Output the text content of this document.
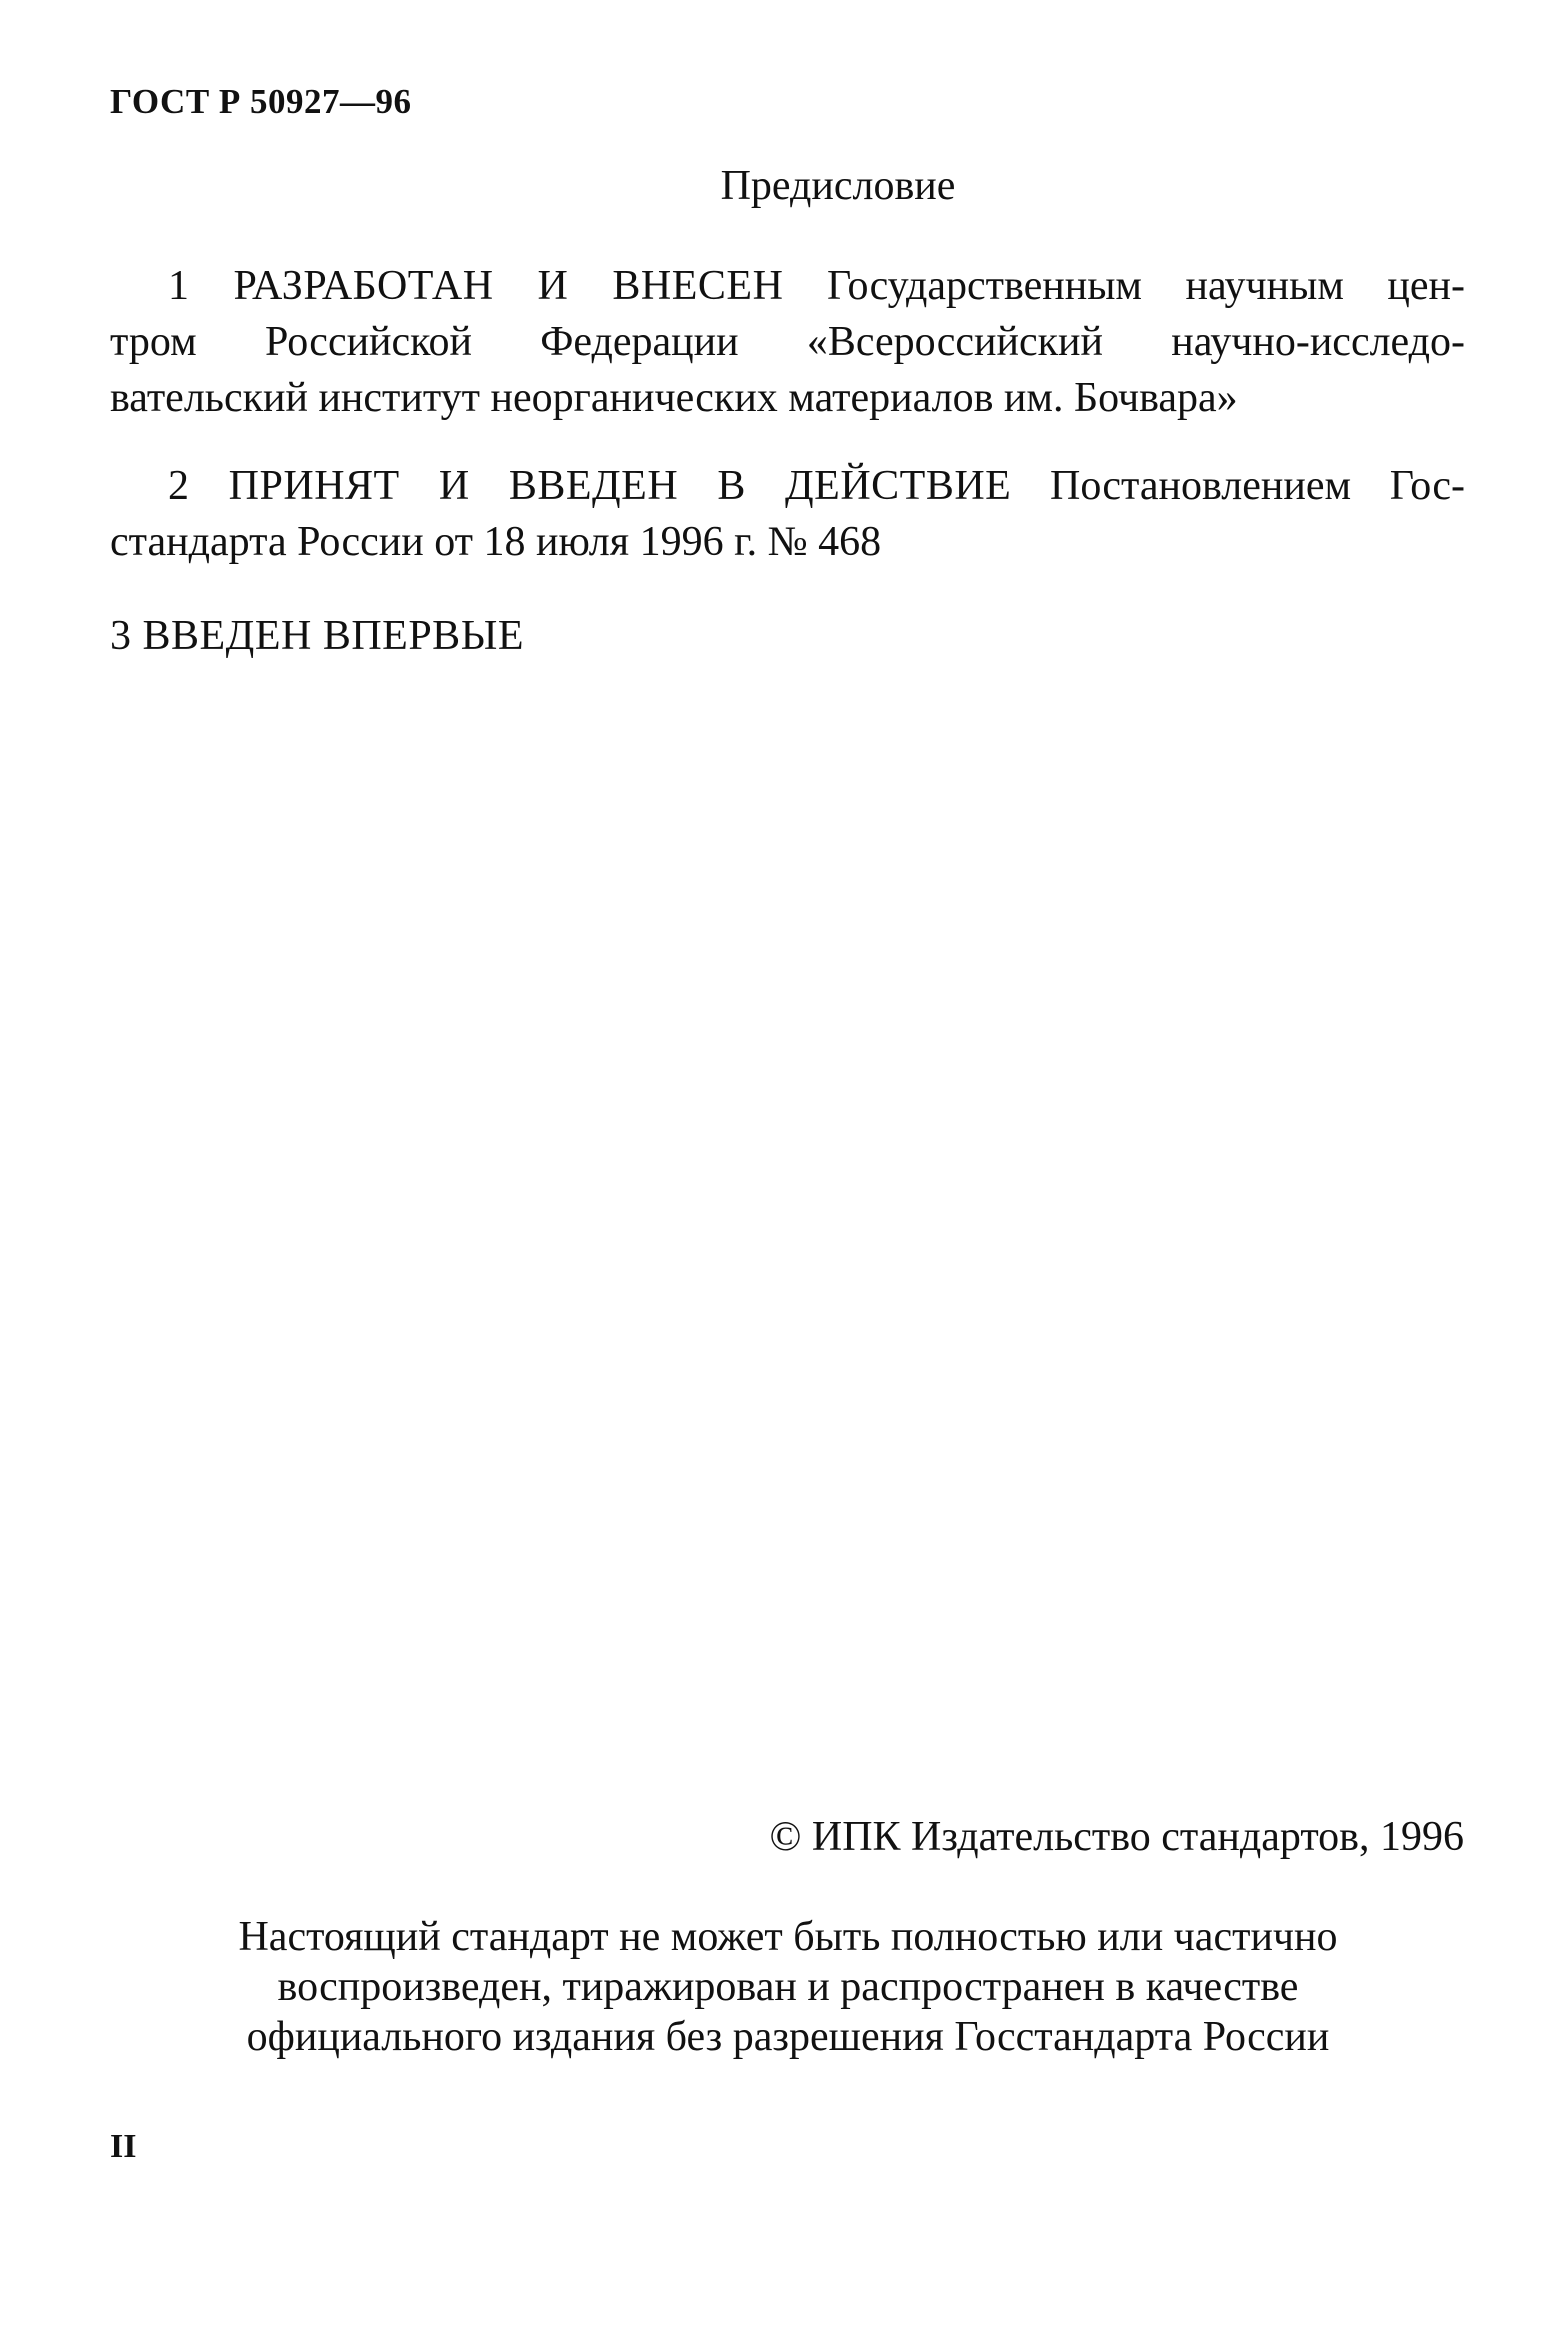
ГОСТ Р 50927—96
Предисловие
1 РАЗРАБОТАН И ВНЕСЕН Государственным научным цен-
тром Российской Федерации «Всероссийский научно-исследо-
вательский институт неорганических материалов им. Бочвара»
2 ПРИНЯТ И ВВЕДЕН В ДЕЙСТВИЕ Постановлением Гос-
стандарта России от 18 июля 1996 г. № 468
3 ВВЕДЕН ВПЕРВЫЕ
© ИПК Издательство стандартов, 1996
Настоящий стандарт не может быть полностью или частично
воспроизведен, тиражирован и распространен в качестве
официального издания без разрешения Госстандарта России
II
